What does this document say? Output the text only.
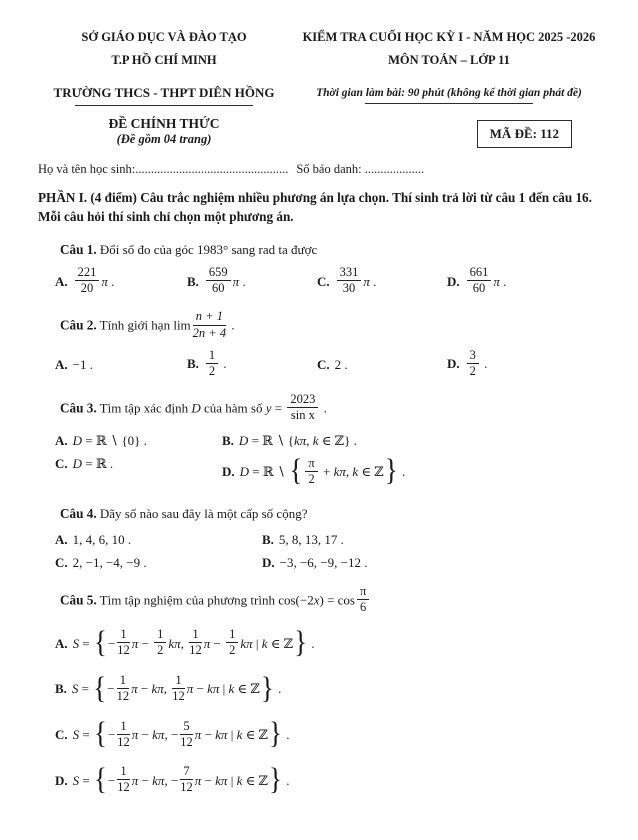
SỞ GIÁO DỤC VÀ ĐÀO TẠO
T.P HỒ CHÍ MINH
TRƯỜNG THCS - THPT DIÊN HỒNG
KIỂM TRA CUỐI HỌC KỲ I - NĂM HỌC 2025 -2026
MÔN TOÁN – LỚP 11
Thời gian làm bài: 90 phút (không kể thời gian phát đề)
ĐỀ CHÍNH THỨC
(Đề gồm 04 trang)	MÃ ĐỀ: 112
Họ và tên học sinh:................................................. Số báo danh: ...................
PHẦN I. (4 điểm) Câu trắc nghiệm nhiều phương án lựa chọn. Thí sinh trả lời từ câu 1 đến câu 16. Mỗi câu hỏi thí sinh chỉ chọn một phương án.

Câu 1. Đổi số đo của góc 1983° sang rad ta được

A. $\frac{221}{20}$ π .	B. $\frac{659}{60}$ π .	C. $\frac{331}{30}$ π .	D. $\frac{661}{60}$ π .

Câu 2. Tính giới hạn $\lim \frac{n + 1}{2n + 4}$ .

A. −1 .	B. $\frac{1}{2}$ .	C. 2 .	D. $\frac{3}{2}$ .

Câu 3. Tìm tập xác định D của hàm số $y = \frac{2023}{\text{sin x}}$ .

A. D = ℝ ∖ {0} .	B. D = ℝ ∖ {kπ, k ∈ ℤ} .
C. D = ℝ .
D. D = ℝ ∖ { $\frac{\pi}{2} + k\pi$, k ∈ ℤ} .

Câu 4. Dãy số nào sau đây là một cấp số cộng?

A. 1, 4, 6, 10 .	B. 5, 8, 13, 17 .
C. 2, −1, −4, −9 .	D. −3, −6, −9, −12 .

Câu 5. Tìm tập nghiệm của phương trình $\cos(-2x) = \cos \frac{\pi}{6}$

A. S = {− $\frac{1}{12}$ $\pi - \frac{1}{2} k\pi$, $\frac{1}{12}$ $\pi - \frac{1}{2}$ kπ | k ∈ ℤ} .
B. S = {− $\frac{1}{12}$ π − kπ, $\frac{1}{12}$ π − kπ | k ∈ ℤ} .
C. S = {− $\frac{1}{12}$ π − kπ, − $\frac{5}{12}$ π − kπ | k ∈ ℤ} .
D. S = {− $\frac{1}{12}$ π − kπ, − $\frac{7}{12}$ π − kπ | k ∈ ℤ} .
